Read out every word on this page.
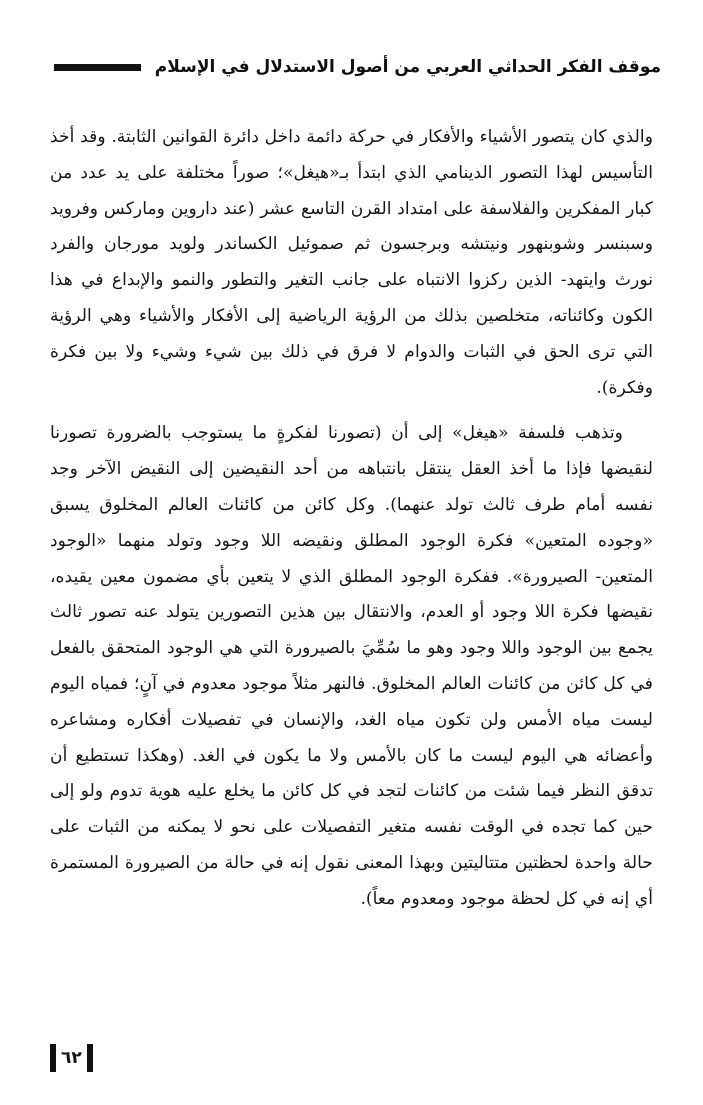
موقف الفكر الحداثي العربي من أصول الاستدلال في الإسلام

والذي كان يتصور الأشياء والأفكار في حركة دائمة داخل دائرة القوانين الثابتة. وقد أخذ التأسيس لهذا التصور الدينامي الذي ابتدأ بـ«هيغل»؛ صوراً مختلفة على يد عدد من كبار المفكرين والفلاسفة على امتداد القرن التاسع عشر (عند داروين وماركس وفرويد وسبنسر وشوبنهور ونيتشه وبرجسون ثم صموئيل الكساندر ولويد مورجان والفرد نورث وايتهد- الذين ركزوا الانتباه على جانب التغير والتطور والنمو والإبداع في هذا الكون وكائناته، متخلصين بذلك من الرؤية الرياضية إلى الأفكار والأشياء وهي الرؤية التي ترى الحق في الثبات والدوام لا فرق في ذلك بين شيء وشيء ولا بين فكرة وفكرة).

وتذهب فلسفة «هيغل» إلى أن (تصورنا لفكرةٍ ما يستوجب بالضرورة تصورنا لنقيضها فإذا ما أخذ العقل ينتقل بانتباهه من أحد النقيضين إلى النقيض الآخر وجد نفسه أمام طرف ثالث تولد عنهما). وكل كائن من كائنات العالم المخلوق يسبق «وجوده المتعين» فكرة الوجود المطلق ونقيضه اللا وجود وتولد منهما «الوجود المتعين- الصيرورة». ففكرة الوجود المطلق الذي لا يتعين بأي مضمون معين يقيده، نقيضها فكرة اللا وجود أو العدم، والانتقال بين هذين التصورين يتولد عنه تصور ثالث يجمع بين الوجود واللا وجود وهو ما سُمِّيَ بالصيرورة التي هي الوجود المتحقق بالفعل في كل كائن من كائنات العالم المخلوق. فالنهر مثلاً موجود معدوم في آنٍ؛ فمياه اليوم ليست مياه الأمس ولن تكون مياه الغد، والإنسان في تفصيلات أفكاره ومشاعره وأعضائه هي اليوم ليست ما كان بالأمس ولا ما يكون في الغد. (وهكذا تستطيع أن تدقق النظر فيما شئت من كائنات لتجد في كل كائن ما يخلع عليه هوية تدوم ولو إلى حين كما تجده في الوقت نفسه متغير التفصيلات على نحو لا يمكنه من الثبات على حالة واحدة لحظتين متتاليتين وبهذا المعنى نقول إنه في حالة من الصيرورة المستمرة أي إنه في كل لحظة موجود ومعدوم معاً).

٦٢
